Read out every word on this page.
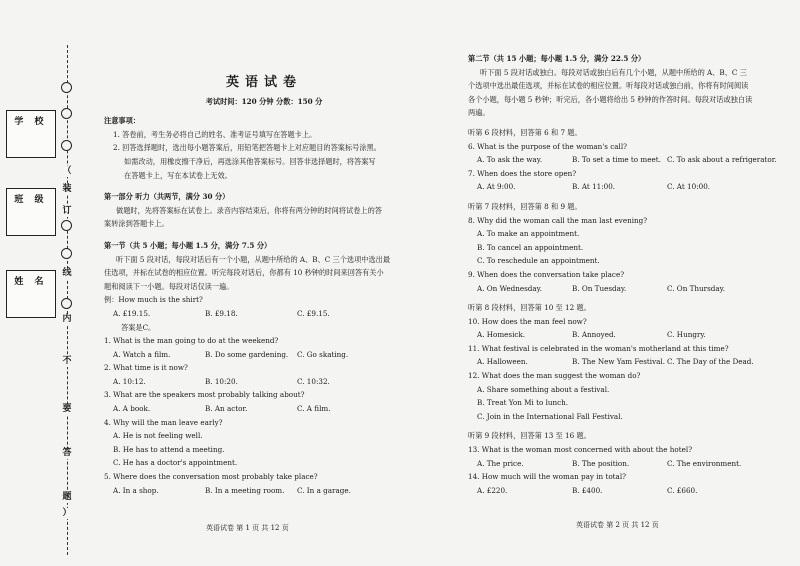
学 校
班 级
姓 名
（
装
订
线
内
不
要
答
题
）

英语试卷

考试时间：120 分钟 分数：150 分

注意事项：

1. 答卷前，考生务必将自己的姓名、准考证号填写在答题卡上。

2. 回答选择题时，选出每小题答案后，用铅笔把答题卡上对应题目的答案标号涂黑。

如需改动，用橡皮擦干净后，再选涂其他答案标号。回答非选择题时，将答案写

在答题卡上，写在本试卷上无效。

第一部分 听力（共两节，满分 30 分）

做题时，先将答案标在试卷上。录音内容结束后，你将有两分钟的时间将试卷上的答

案转涂到答题卡上。

第一节（共 5 小题；每小题 1.5 分，满分 7.5 分）

听下面 5 段对话，每段对话后有一个小题，从题中所给的 A、B、C 三个选项中选出最

佳选项，并标在试卷的相应位置。听完每段对话后，你都有 10 秒钟的时间来回答有关小

题和阅读下一小题。每段对话仅读一遍。

例：How much is the shirt?

A. £19.15.	B. £9.18.	C. £9.15.

答案是C。

1. What is the man going to do at the weekend?

A. Watch a film.	B. Do some gardening.	C. Go skating.

2. What time is it now?

A. 10:12.	B. 10:20.	C. 10:32.

3. What are the speakers most probably talking about?

A. A book.	B. An actor.	C. A film.

4. Why will the man leave early?

A. He is not feeling well.

B. He has to attend a meeting.

C. He has a doctor's appointment.

5. Where does the conversation most probably take place?

A. In a shop.	B. In a meeting room.	C. In a garage.
英语试卷 第 1 页 共 12 页

第二节（共 15 小题；每小题 1.5 分，满分 22.5 分）

听下面 5 段对话或独白。每段对话或独白后有几个小题，从题中所给的 A、B、C 三

个选项中选出最佳选项，并标在试卷的相应位置。听每段对话或独白前，你将有时间阅读

各个小题，每小题 5 秒钟；听完后，各小题将给出 5 秒钟的作答时间。每段对话或独白读

两遍。

听第 6 段材料，回答第 6 和 7 题。

6. What is the purpose of the woman's call?

A. To ask the way.	B. To set a time to meet. C. To ask about a refrigerator.

7. When does the store open?

A. At 9:00.	B. At 11:00.	C. At 10:00.

听第 7 段材料，回答第 8 和 9 题。

8. Why did the woman call the man last evening?

A. To make an appointment.

B. To cancel an appointment.

C. To reschedule an appointment.

9. When does the conversation take place?

A. On Wednesday.	B. On Tuesday.	C. On Thursday.

听第 8 段材料，回答第 10 至 12 题。

10. How does the man feel now?

A. Homesick.	B. Annoyed.	C. Hungry.

11. What festival is celebrated in the woman's motherland at this time?

A. Halloween.	B. The New Yam Festival. C. The Day of the Dead.

12. What does the man suggest the woman do?

A. Share something about a festival.

B. Treat Yon Mi to lunch.

C. Join in the International Fall Festival.

听第 9 段材料，回答第 13 至 16 题。

13. What is the woman most concerned with about the hotel?

A. The price.	B. The position.	C. The environment.

14. How much will the woman pay in total?

A. £220.	B. £400.	C. £660.
英语试卷 第 2 页 共 12 页
